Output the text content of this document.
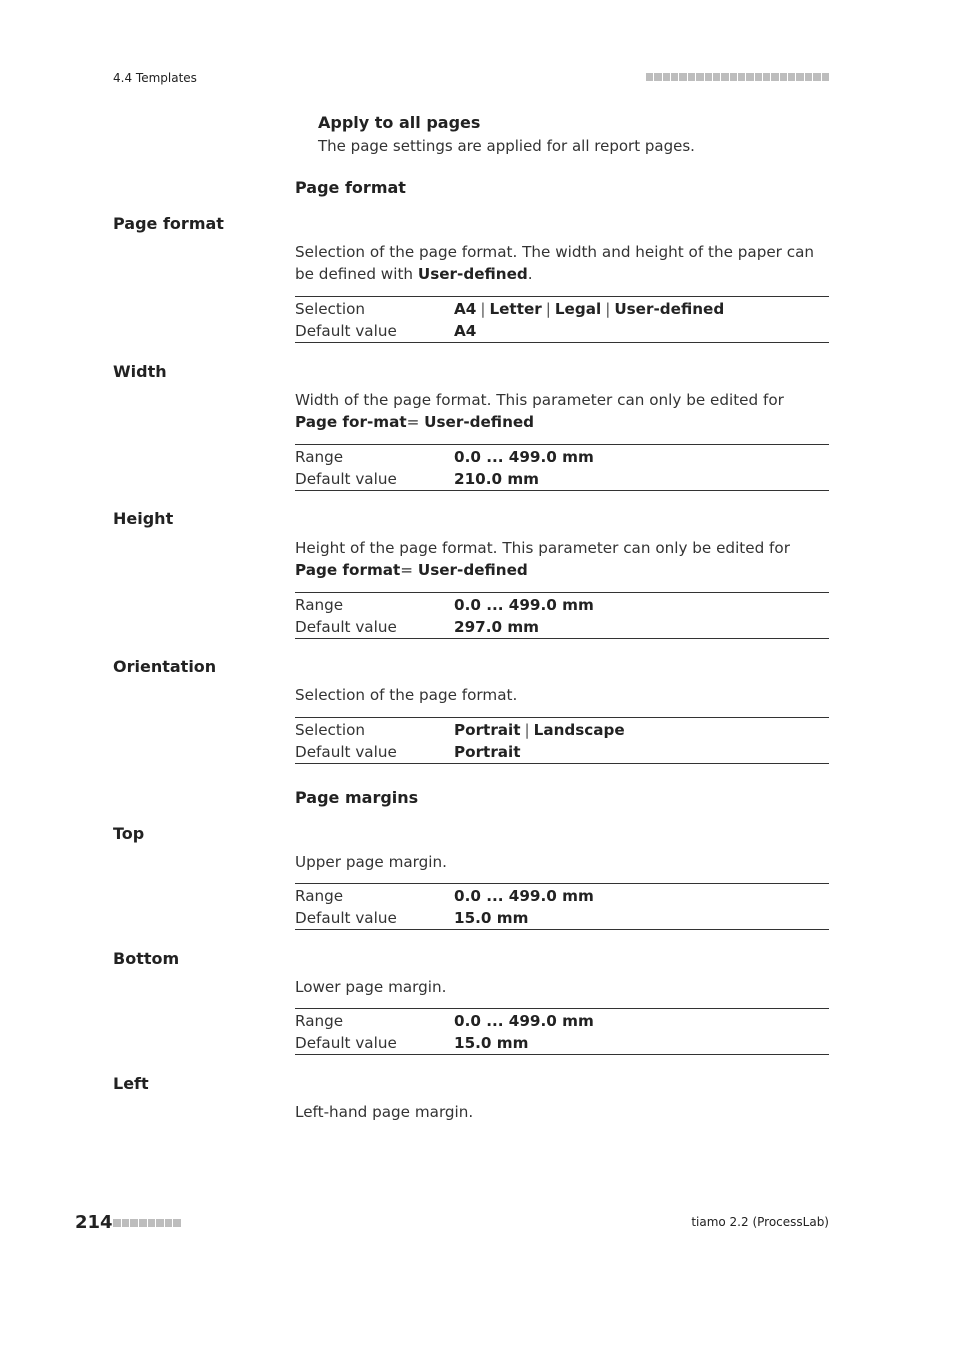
4.4 Templates
Apply to all pages
The page settings are applied for all report pages.
Page format
Page format
Selection of the page format. The width and height of the paper can be defined with User-defined.
Selection	A4 | Letter | Legal | User-defined
Default value	A4
Width
Width of the page format. This parameter can only be edited for Page for-mat= User-defined
Range	0.0 ... 499.0 mm
Default value	210.0 mm
Height
Height of the page format. This parameter can only be edited for Page format= User-defined
Range	0.0 ... 499.0 mm
Default value	297.0 mm
Orientation
Selection of the page format.
Selection	Portrait | Landscape
Default value	Portrait
Page margins
Top
Upper page margin.
Range	0.0 ... 499.0 mm
Default value	15.0 mm
Bottom
Lower page margin.
Range	0.0 ... 499.0 mm
Default value	15.0 mm
Left
Left-hand page margin.
214	tiamo 2.2 (ProcessLab)
